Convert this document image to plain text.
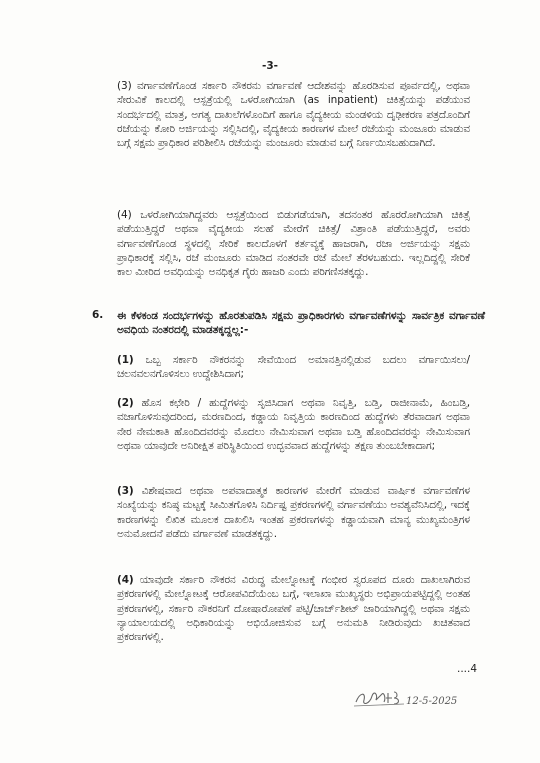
-3-
(3) ವರ್ಗಾವಣೆಗೊಂಡ ಸರ್ಕಾರಿ ನೌಕರನು ವರ್ಗಾವಣೆ ಆದೇಶವನ್ನು ಹೊರಡಿಸುವ ಪೂರ್ವದಲ್ಲಿ, ಅಥವಾ ಸೇರುವಿಕೆ ಕಾಲದಲ್ಲಿ ಆಸ್ಪತ್ರೆಯಲ್ಲಿ ಒಳರೋಗಿಯಾಗಿ (as inpatient) ಚಿಕಿತ್ಸೆಯನ್ನು ಪಡೆಯುವ ಸಂದರ್ಭದಲ್ಲಿ ಮಾತ್ರ, ಅಗತ್ಯ ದಾಖಲೆಗಳೊಂದಿಗೆ ಹಾಗೂ ವೈದ್ಯಕೀಯ ಮಂಡಳಿಯ ದೃಢೀಕರಣ ಪತ್ರದೊಂದಿಗೆ ರಜೆಯನ್ನು ಕೋರಿ ಅರ್ಜಿಯನ್ನು ಸಲ್ಲಿಸಿದಲ್ಲಿ, ವೈದ್ಯಕೀಯ ಕಾರಣಗಳ ಮೇಲೆ ರಜೆಯನ್ನು ಮಂಜೂರು ಮಾಡುವ ಬಗ್ಗೆ ಸಕ್ಷಮ ಪ್ರಾಧಿಕಾರ ಪರಿಶೀಲಿಸಿ ರಜೆಯನ್ನು ಮಂಜೂರು ಮಾಡುವ ಬಗ್ಗೆ ನಿರ್ಣಯಿಸಬಹುದಾಗಿದೆ.
(4) ಒಳರೋಗಿಯಾಗಿದ್ದವರು ಆಸ್ಪತ್ರೆಯಿಂದ ಬಿಡುಗಡೆಯಾಗಿ, ತದನಂತರ ಹೊರರೋಗಿಯಾಗಿ ಚಿಕಿತ್ಸೆ ಪಡೆಯುತ್ತಿದ್ದರೆ ಅಥವಾ ವೈದ್ಯಕೀಯ ಸಲಹೆ ಮೇರೆಗೆ ಚಿಕಿತ್ಸೆ/ ವಿಶ್ರಾಂತಿ ಪಡೆಯುತ್ತಿದ್ದರೆ, ಅವರು ವರ್ಗಾವಣೆಗೊಂಡ ಸ್ಥಳದಲ್ಲಿ ಸೇರಿಕೆ ಕಾಲದೊಳಗೆ ಕರ್ತವ್ಯಕ್ಕೆ ಹಾಜರಾಗಿ, ರಜಾ ಅರ್ಜಿಯನ್ನು ಸಕ್ಷಮ ಪ್ರಾಧಿಕಾರಕ್ಕೆ ಸಲ್ಲಿಸಿ, ರಜೆ ಮಂಜೂರು ಮಾಡಿದ ನಂತರವೇ ರಜೆ ಮೇಲೆ ತೆರಳಬಹುದು. ಇಲ್ಲದಿದ್ದಲ್ಲಿ ಸೇರಿಕೆ ಕಾಲ ಮೀರಿದ ಅವಧಿಯನ್ನು ಅನಧಿಕೃತ ಗೈರು ಹಾಜರಿ ಎಂದು ಪರಿಗಣಿಸತಕ್ಕದ್ದು.
6. ಈ ಕೆಳಕಂಡ ಸಂದರ್ಭಗಳನ್ನು ಹೊರತುಪಡಿಸಿ ಸಕ್ಷಮ ಪ್ರಾಧಿಕಾರಗಳು ವರ್ಗಾವಣೆಗಳನ್ನು ಸಾರ್ವತ್ರಿಕ ವರ್ಗಾವಣೆ ಅವಧಿಯ ನಂತರದಲ್ಲಿ ಮಾಡತಕ್ಕದ್ದಲ್ಲ:-
(1) ಒಬ್ಬ ಸರ್ಕಾರಿ ನೌಕರನನ್ನು ಸೇವೆಯಿಂದ ಅಮಾನತ್ತಿನಲ್ಲಿಡುವ ಬದಲು ವರ್ಗಾಯಿಸಲು/ ಚಲನವಲನಗೊಳಿಸಲು ಉದ್ದೇಶಿಸಿದಾಗ;
(2) ಹೊಸ ಕಛೇರಿ / ಹುದ್ದೆಗಳನ್ನು ಸೃಜಿಸಿದಾಗ ಅಥವಾ ನಿವೃತ್ತಿ, ಬಡ್ತಿ, ರಾಜೀನಾಮೆ, ಹಿಂಬಡ್ತಿ, ವಜಾಗೊಳಿಸುವುದರಿಂದ, ಮರಣದಿಂದ, ಕಡ್ಡಾಯ ನಿವೃತ್ತಿಯ ಕಾರಣದಿಂದ ಹುದ್ದೆಗಳು ತೆರವಾದಾಗ ಅಥವಾ ನೇರ ನೇಮಕಾತಿ ಹೊಂದಿದವರನ್ನು ಮೊದಲು ನೇಮಿಸುವಾಗ ಅಥವಾ ಬಡ್ತಿ ಹೊಂದಿದವರನ್ನು ನೇಮಿಸುವಾಗ ಅಥವಾ ಯಾವುದೇ ಅನಿರೀಕ್ಷಿತ ಪರಿಸ್ಥಿತಿಯಿಂದ ಉದ್ಭವವಾದ ಹುದ್ದೆಗಳನ್ನು ತಕ್ಷಣ ತುಂಬಬೇಕಾದಾಗ;
(3) ವಿಶೇಷವಾದ ಅಥವಾ ಅಪವಾದಾತ್ಮಕ ಕಾರಣಗಳ ಮೇರೆಗೆ ಮಾಡುವ ವಾರ್ಷಿಕ ವರ್ಗಾವಣೆಗಳ ಸಂಖ್ಯೆಯನ್ನು ಕನಿಷ್ಠ ಮಟ್ಟಕ್ಕೆ ಸೀಮಿತಗೊಳಿಸಿ ನಿರ್ದಿಷ್ಟ ಪ್ರಕರಣಗಳಲ್ಲಿ ವರ್ಗಾವಣೆಯು ಅವಶ್ಯವೆನಿಸಿದಲ್ಲಿ, ಇದಕ್ಕೆ ಕಾರಣಗಳನ್ನು ಲಿಖಿತ ಮೂಲಕ ದಾಖಲಿಸಿ ಇಂತಹ ಪ್ರಕರಣಗಳನ್ನು ಕಡ್ಡಾಯವಾಗಿ ಮಾನ್ಯ ಮುಖ್ಯಮಂತ್ರಿಗಳ ಅನುಮೋದನೆ ಪಡೆದು ವರ್ಗಾವಣೆ ಮಾಡತಕ್ಕದ್ದು.
(4) ಯಾವುದೇ ಸರ್ಕಾರಿ ನೌಕರನ ವಿರುದ್ಧ ಮೇಲ್ನೋಟಕ್ಕೆ ಗಂಭೀರ ಸ್ವರೂಪದ ದೂರು ದಾಖಲಾಗಿರುವ ಪ್ರಕರಣಗಳಲ್ಲಿ ಮೇಲ್ನೋಟಕ್ಕೆ ಆರೋಪವಿದೆಯೆಂಬ ಬಗ್ಗೆ, ಇಲಾಖಾ ಮುಖ್ಯಸ್ಥರು ಅಭಿಪ್ರಾಯಪಟ್ಟಿದ್ದಲ್ಲಿ ಅಂತಹ ಪ್ರಕರಣಗಳಲ್ಲಿ, ಸರ್ಕಾರಿ ನೌಕರನಿಗೆ ದೋಷಾರೋಪಣೆ ಪಟ್ಟಿ/ಚಾರ್ಜ್‌ಶೀಟ್ ಜಾರಿಯಾಗಿದ್ದಲ್ಲಿ ಅಥವಾ ಸಕ್ಷಮ ನ್ಯಾಯಾಲಯದಲ್ಲಿ ಅಧಿಕಾರಿಯನ್ನು ಅಭಿಯೋಜಿಸುವ ಬಗ್ಗೆ ಅನುಮತಿ ನೀಡಿರುವುದು ಖಚಿತವಾದ ಪ್ರಕರಣಗಳಲ್ಲಿ.
....4
12-5-2025
